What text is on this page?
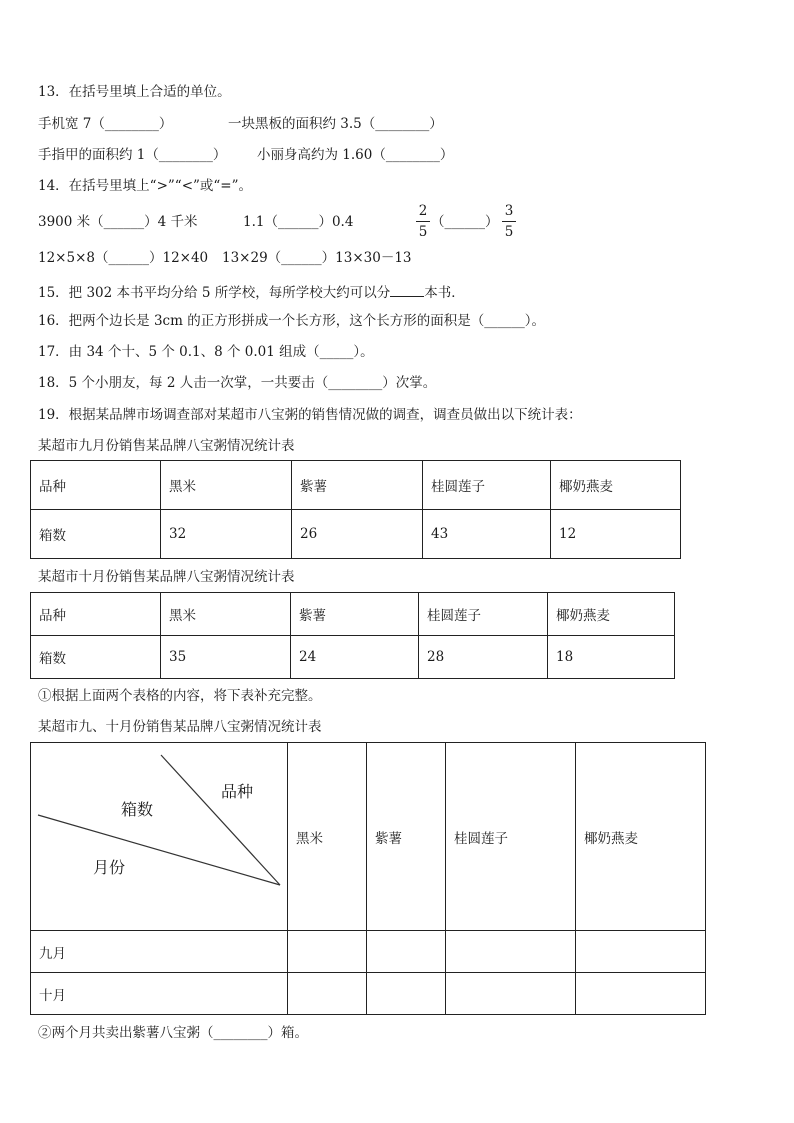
13．在括号里填上合适的单位。
手机宽 7（________）	一块黑板的面积约 3.5（________）
手指甲的面积约 1（________） 小丽身高约为 1.60（________）
14．在括号里填上“>”“<”或“=”。
3900 米（______）4 千米	1.1（______）0.4
2
5
（______）
3
5
12×5×8（______）12×40 13×29（______）13×30－13
15．把 302 本书平均分给 5 所学校，每所学校大约可以分	本书．
16．把两个边长是 3cm 的正方形拼成一个长方形，这个长方形的面积是（______）。
17．由 34 个十、5 个 0.1、8 个 0.01 组成（_____）。
18．5 个小朋友，每 2 人击一次掌，一共要击（________）次掌。
19．根据某品牌市场调查部对某超市八宝粥的销售情况做的调查，调查员做出以下统计表：
某超市九月份销售某品牌八宝粥情况统计表
品种	黑米	紫薯	桂圆莲子	椰奶燕麦
箱数	32	26	43	12
某超市十月份销售某品牌八宝粥情况统计表
品种	黑米	紫薯	桂圆莲子	椰奶燕麦
箱数	35	24	28	18
①根据上面两个表格的内容，将下表补充完整。
某超市九、十月份销售某品牌八宝粥情况统计表
品种
箱数
月份	黑米	紫薯	桂圆莲子	椰奶燕麦
九月				
十月				
②两个月共卖出紫薯八宝粥（________）箱。
